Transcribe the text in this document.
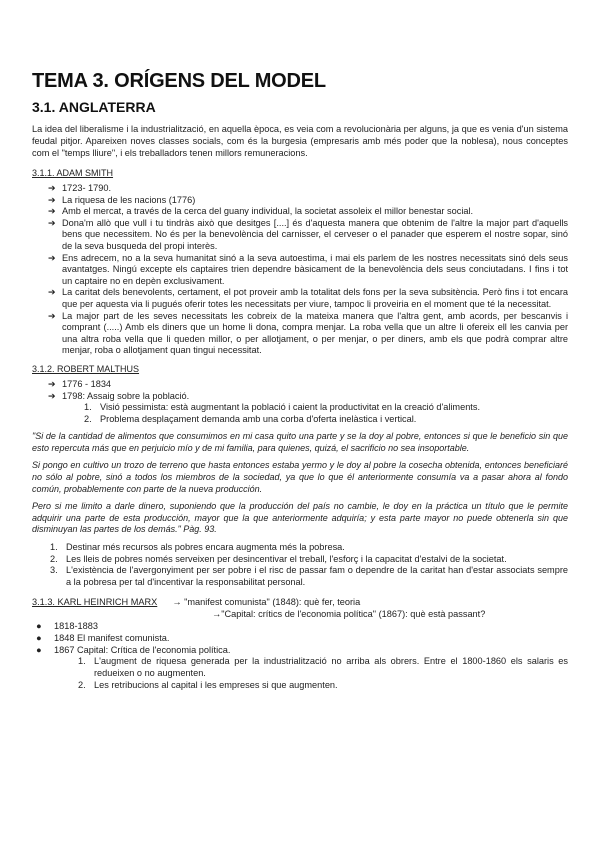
TEMA 3. ORÍGENS DEL MODEL
3.1. ANGLATERRA

La idea del liberalisme i la industrialització, en aquella època, es veia com a revolucionària per alguns, ja que es venia d'un sistema feudal pitjor. Apareixen noves classes socials, com és la burgesia (empresaris amb més poder que la noblesa), nous conceptes com el "temps lliure", i els treballadors tenen millors remuneracions.

3.1.1. ADAM SMITH
➔ 1723- 1790.
➔ La riquesa de les nacions (1776)
➔ Amb el mercat, a través de la cerca del guany individual, la societat assoleix el millor benestar social.
➔ Dona'm allò que vull i tu tindràs això que desitges [....] és d'aquesta manera que obtenim de l'altre la major part d'aquells bens que necessitem. No és per la benevolència del carnisser, el cerveser o el panader que esperem el nostre sopar, sinó de la seva busqueda del propi interès.
➔ Ens adrecem, no a la seva humanitat sinó a la seva autoestima, i mai els parlem de les nostres necessitats sinó dels seus avantatges. Ningú excepte els captaires trien dependre bàsicament de la benevolència dels seus conciutadans. I fins i tot un captaire no en depèn exclusivament.
➔ La caritat dels benevolents, certament, el pot proveir amb la totalitat dels fons per la seva subsitència. Però fins i tot encara que per aquesta via li pugués oferir totes les necessitats per viure, tampoc li proveiria en el moment que té la necessitat.
➔ La major part de les seves necessitats les cobreix de la mateixa manera que l'altra gent, amb acords, per bescanvis i comprant (.....) Amb els diners que un home li dona, compra menjar. La roba vella que un altre li ofereix ell les canvia per una altra roba vella que li queden millor, o per allotjament, o per menjar, o per diners, amb els que podrà comprar altre menjar, roba o allotjament quan tingui necessitat.
3.1.2. ROBERT MALTHUS
➔ 1776 - 1834
➔ 1798: Assaig sobre la població.
1. Visió pessimista: està augmentant la població i caient la productivitat en la creació d'aliments.
2. Problema desplaçament demanda amb una corba d'oferta inelàstica i vertical.

"Si de la cantidad de alimentos que consumimos en mi casa quito una parte y se la doy al pobre, entonces si que le beneficio sin que esto repercuta más que en perjuicio mío y de mi familia, para quienes, quizá, el sacrificio no sea insoportable.

Si pongo en cultivo un trozo de terreno que hasta entonces estaba yermo y le doy al pobre la cosecha obtenida, entonces beneficiaré no sólo al pobre, sinó a todos los miembros de la sociedad, ya que lo que él anteriormente consumía va a pasar ahora al fondo común, probablemente con parte de la nueva producción.

Pero si me limito a darle dinero, suponiendo que la producción del país no cambie, le doy en la práctica un título que le permite adquirir una parte de esta producción, mayor que la que anteriormente adquiría; y esta parte mayor no puede obtenerla sin que disminuyan las partes de los demás." Pàg. 93.

1. Destinar més recursos als pobres encara augmenta més la pobresa.
2. Les lleis de pobres només serveixen per desincentivar el treball, l'esforç i la capacitat d'estalvi de la societat.
3. L'existència de l'avergonyiment per ser pobre i el risc de passar fam o dependre de la caritat han d'estar associats sempre a la pobresa per tal d'incentivar la responsabilitat personal.
3.1.3. KARL HEINRICH MARX → "manifest comunista" (1848): què fer, teoria
→"Capital: crítics de l'economia política" (1867): què està passant?
● 1818-1883
● 1848 El manifest comunista.
● 1867 Capital: Crítica de l'economia política.
1. L'augment de riquesa generada per la industrialització no arriba als obrers. Entre el 1800-1860 els salaris es redueixen o no augmenten.
2. Les retribucions al capital i les empreses si que augmenten.
